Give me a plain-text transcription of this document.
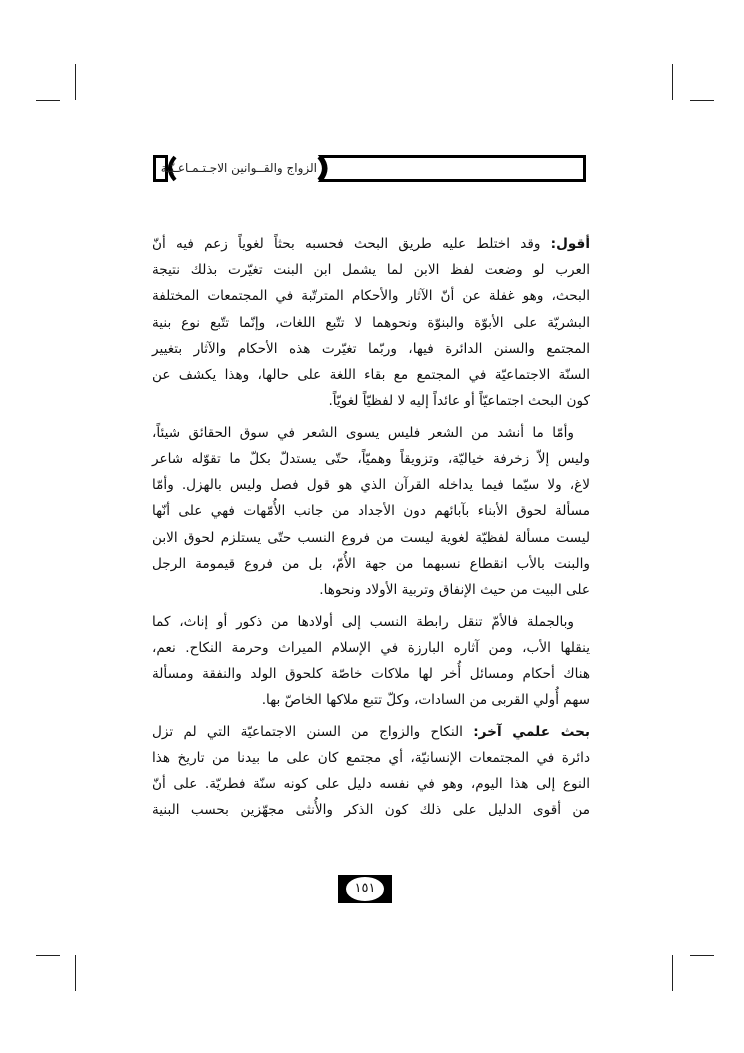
الزواج والقــوانين الاجـتـمـاعـيّـة
أقول: وقد اختلط عليه طريق البحث فحسبه بحثاً لغوياً زعم فيه أنّ
العرب لو وضعت لفظ الابن لما يشمل ابن البنت تغيّرت بذلك نتيجة
البحث، وهو غفلة عن أنّ الآثار والأحكام المترتّبة في المجتمعات المختلفة
البشريّة على الأبوّة والبنوّة ونحوهما لا تتّبع اللغات، وإنّما تتّبع نوع بنية
المجتمع والسنن الدائرة فيها، وربّما تغيّرت هذه الأحكام والآثار بتغيير
السنّة الاجتماعيّة في المجتمع مع بقاء اللغة على حالها، وهذا يكشف عن
كون البحث اجتماعيّاً أو عائداً إليه لا لفظيّاً لغويّاً.
وأمّا ما أنشد من الشعر فليس يسوى الشعر في سوق الحقائق شيئاً،
وليس إلاّ زخرفة خياليّة، وتزويقاً وهميّاً، حتّى يستدلّ بكلّ ما تقوّله شاعر
لاغ، ولا سيّما فيما يداخله القرآن الذي هو قول فصل وليس بالهزل. وأمّا
مسألة لحوق الأبناء بآبائهم دون الأجداد من جانب الأُمّهات فهي على أنّها
ليست مسألة لفظيّة لغوية ليست من فروع النسب حتّى يستلزم لحوق الابن
والبنت بالأب انقطاع نسبهما من جهة الأُمّ، بل من فروع قيمومة الرجل
على البيت من حيث الإنفاق وتربية الأولاد ونحوها.
وبالجملة فالأمّ تنقل رابطة النسب إلى أولادها من ذكور أو إناث، كما
ينقلها الأب، ومن آثاره البارزة في الإسلام الميراث وحرمة النكاح. نعم،
هناك أحكام ومسائل أُخر لها ملاكات خاصّة كلحوق الولد والنفقة ومسألة
سهم أُولي القربى من السادات، وكلّ تتبع ملاكها الخاصّ بها.
بحث علمي آخر: النكاح والزواج من السنن الاجتماعيّة التي لم تزل
دائرة في المجتمعات الإنسانيّة، أي مجتمع كان على ما بيدنا من تاريخ هذا
النوع إلى هذا اليوم، وهو في نفسه دليل على كونه سنّة فطريّة. على أنّ
من أقوى الدليل على ذلك كون الذكر والأُنثى مجهّزين بحسب البنية
١٥١
